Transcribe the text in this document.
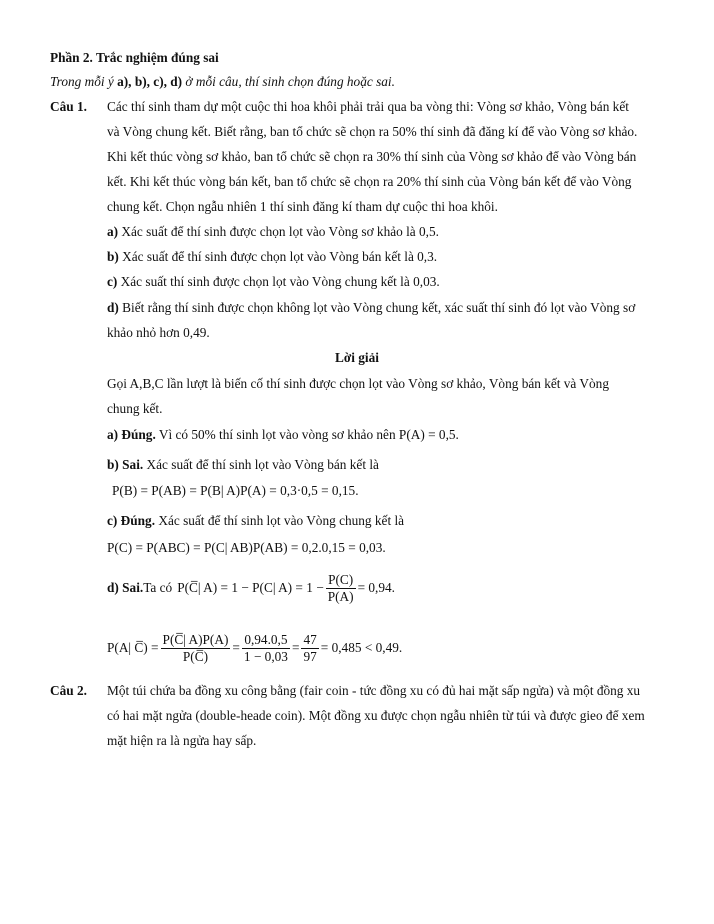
Phần 2. Trắc nghiệm đúng sai
Trong mỗi ý a), b), c), d) ở mỗi câu, thí sinh chọn đúng hoặc sai.
Câu 1. Các thí sinh tham dự một cuộc thi hoa khôi phải trải qua ba vòng thi: Vòng sơ khảo, Vòng bán kết
và Vòng chung kết. Biết rằng, ban tổ chức sẽ chọn ra 50% thí sinh đã đăng kí để vào Vòng sơ khảo.
Khi kết thúc vòng sơ khảo, ban tổ chức sẽ chọn ra 30% thí sinh của Vòng sơ khảo để vào Vòng bán
kết. Khi kết thúc vòng bán kết, ban tổ chức sẽ chọn ra 20% thí sinh của Vòng bán kết để vào Vòng
chung kết. Chọn ngẫu nhiên 1 thí sinh đăng kí tham dự cuộc thi hoa khôi.
a) Xác suất để thí sinh được chọn lọt vào Vòng sơ khảo là 0,5.
b) Xác suất để thí sinh được chọn lọt vào Vòng bán kết là 0,3.
c) Xác suất thí sinh được chọn lọt vào Vòng chung kết là 0,03.
d) Biết rằng thí sinh được chọn không lọt vào Vòng chung kết, xác suất thí sinh đó lọt vào Vòng sơ
khảo nhỏ hơn 0,49.
Lời giải
Gọi A,B,C lần lượt là biến cố thí sinh được chọn lọt vào Vòng sơ khảo, Vòng bán kết và Vòng
chung kết.
a) Đúng. Vì có 50% thí sinh lọt vào vòng sơ khảo nên P(A) = 0,5.
b) Sai. Xác suất để thí sinh lọt vào Vòng bán kết là
P(B) = P(AB) = P(B| A)P(A) = 0,3·0,5 = 0,15.
c) Đúng. Xác suất để thí sinh lọt vào Vòng chung kết là
P(C) = P(ABC) = P(C| AB)P(AB) = 0,2.0,15 = 0,03.
d) Sai. Ta có P(C̅| A) = 1 − P(C| $A) = 1 - \frac{P(C)}{P(A)} = 0,94$.
P(A| C̅) = $\frac{P(C̅| A)P(A)}{P(C̅)} = \frac{0,94.0,5}{1 - 0,03} = \frac{47}{97} = 0,485 < 0,49$.
Câu 2. Một túi chứa ba đồng xu công bằng (fair coin - tức đồng xu có đủ hai mặt sấp ngửa) và một đồng xu
có hai mặt ngửa (double-heade coin). Một đồng xu được chọn ngẫu nhiên từ túi và được gieo để xem
mặt hiện ra là ngửa hay sấp.
